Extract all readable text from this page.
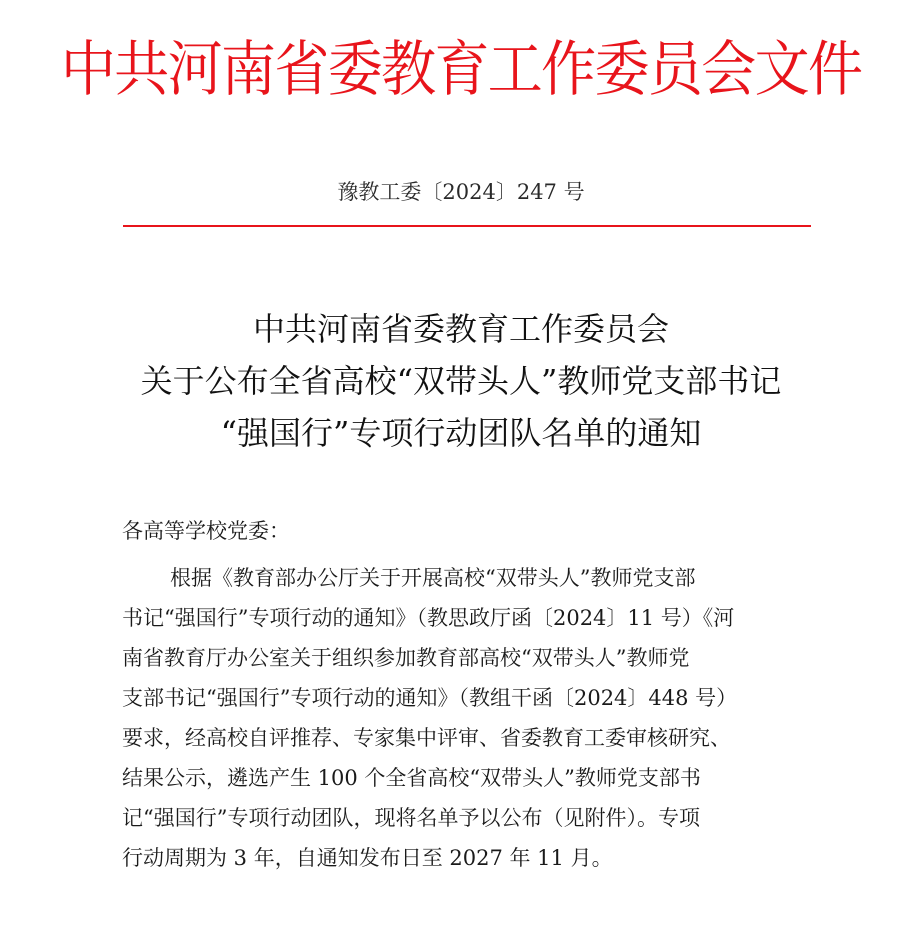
中共河南省委教育工作委员会文件
豫教工委〔2024〕247 号
中共河南省委教育工作委员会
关于公布全省高校“双带头人”教师党支部书记
“强国行”专项行动团队名单的通知
各高等学校党委：
根据《教育部办公厅关于开展高校“双带头人”教师党支部
书记“强国行”专项行动的通知》（教思政厅函〔2024〕11 号）《河
南省教育厅办公室关于组织参加教育部高校“双带头人”教师党
支部书记“强国行”专项行动的通知》（教组干函〔2024〕448 号）
要求，经高校自评推荐、专家集中评审、省委教育工委审核研究、
结果公示，遴选产生 100 个全省高校“双带头人”教师党支部书
记“强国行”专项行动团队，现将名单予以公布（见附件）。专项
行动周期为 3 年，自通知发布日至 2027 年 11 月。
